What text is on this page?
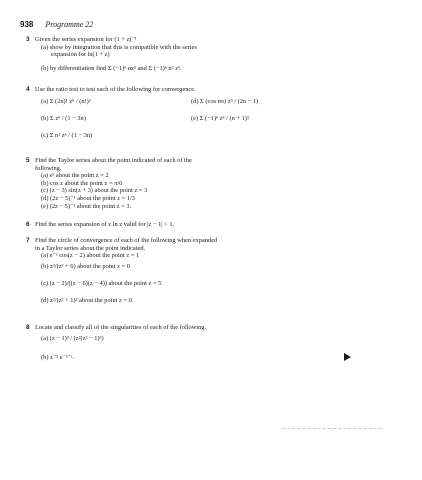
938 Programme 22
3 Given the series expansion for (1 + z)⁻¹
(a) show by integration that this is compatible with the series
expansion for ln(1 + z)
(b) by differentiation find Σ (−1)ⁿ nzⁿ and Σ (−1)ⁿ n² zⁿ.
4 Use the ratio test to test each of the following for convergence.
(a) Σ (2n)! zⁿ / (n!)²
(b) Σ zⁿ / (1 − 3n)
(c) Σ n² zⁿ / (1 − 3n)
(d) Σ (cos nπ) zⁿ / (2n − 1)
(e) Σ (−1)ⁿ zⁿ / (n + 1)!
5 Find the Taylor series about the point indicated of each of the
following.
(a) eᶻ about the point z = 2
(b) cos z about the point z = π/6
(c) (z − 3) sin(z + 3) about the point z = 3
(d) (2z − 5)⁻¹ about the point z = 1/3
(e) (2z − 5)⁻¹ about the point z = 3.
6 Find the series expansion of z ln z valid for |z − 1| < 1.
7 Find the circle of convergence of each of the following when expanded
in a Taylor series about the point indicated.
(a) e⁻ᶻ cos(z − 2) about the point z = 1
(b) z³/(z³ + 6) about the point z = 0
(c) (z − 2)/((z − 6)(z − 4)) about the point z = 5
(d) z²/(z² + 1)² about the point z = 0.
8 Locate and classify all of the singularities of each of the following.
(a) (z − 1)³ / (z²(z² − 1)³)
(b) z⁻² e⁻¹ᐟᶻ.
